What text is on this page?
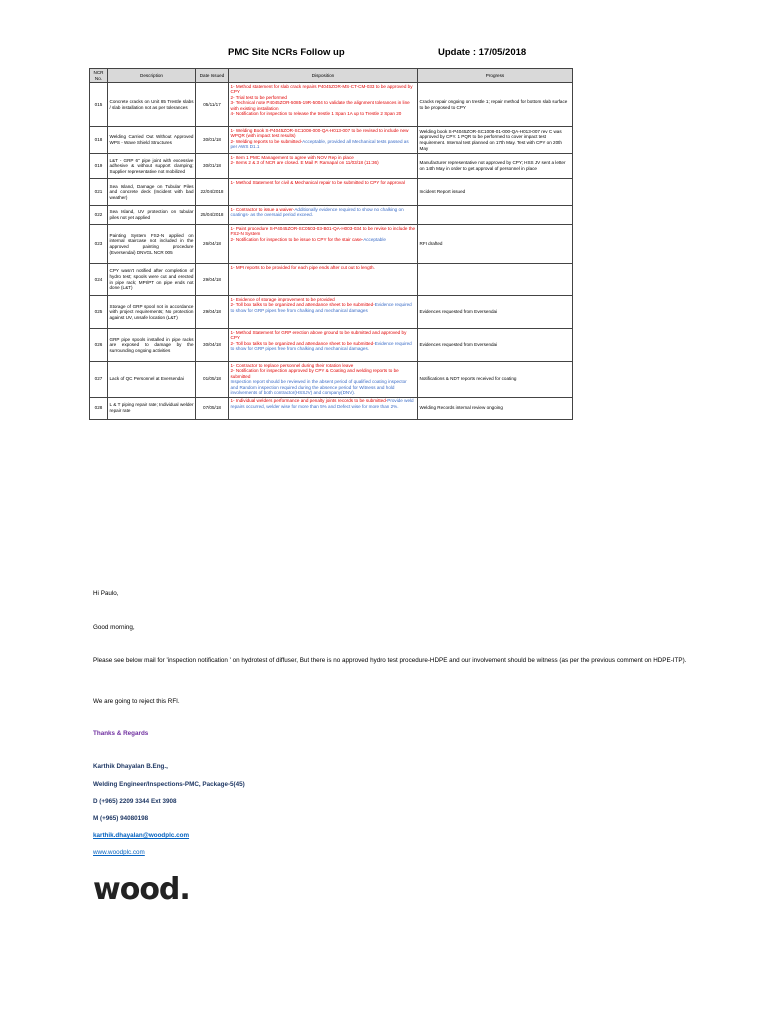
PMC Site NCRs Follow up	Update : 17/05/2018
NCR No.	Description	Date Issued	Disposition	Progress
015	Concrete cracks on Unit 85 Trestle slabs / slab installation not as per tolerances	05/11/17	1- Method statement for slab crack repairs P4045ZOR-MS-CT-CM-033 to be approved by CPY
2- Trial test to be performed
3- Technical note P4045ZOR-5085-19R-5004 to validate the alignment tolerances in line with existing installation
4- Notification for inspection to release the trestle 1 Span 1A up to Trestle 2 Span 20	Cracks repair ongoing on trestle 1; repair method for bottom slab surface to be proposed to CPY
018	Welding Carried Out Without Approved WPS - Wave Shield Structures	30/01/18	1- Welding Book S-P4045ZOR-SC1008-000-QA-H013-007 to be revised to include new WPQR (with impact test results)
2- Welding reports to be submitted-Acceptable, provided all Mechanical tests passed as per AWS D1.1	Welding book S-P4045ZOR-SC1008-01-000-QA-H013-007 rev C was approved by CPY. 1 PQR to be performed to cover impact test requirement. Internal test planned on 17th May. Test with CPY on 20th May
019	L&T - GRP 6" pipe joint with excessive adhesive & without support clamping; Supplier representative not mobilized	30/01/18	1- Item 1 PMC Management to agree with NOV Rep in place
2- Items 2 & 3 of NCR are closed. E Mail P. Ramapal on 11/03/18 (11:36)	Manufacturer representative not approved by CPY; HSS JV sent a letter on 14th May in order to get approval of personnel in place
021	Sea Island, Damage on Tubular Piles and concrete deck (Incident with bad weather)	22/04/2018	1- Method Statement for civil & Mechanical repair to be submitted to CPY for approval	Incident Report issued
022	Sea Island, UV protection on tubular piles not yet applied	25/04/2018	1- Contractor to issue a waiver-Additionally evidence required to show no chalking on coatings- as the oversaid period exceed.	
023	Painting System FS2-N applied on internal staircase not included in the approved painting procedure (Eversendai) DNVGL NCR 005	26/04/18	1- Paint procedure S-P4045ZOR-SC0503-03-B01-QA-H003-034 to be revise to include the FS2-N System
2- Notification for inspection to be issue to CPY for the stair case-Acceptable	RFI drafted
024	CPY wasn't notified after completion of hydro test; spools were cut and erected in pipe rack; MPI/PT on pipe ends not done (L&T)	29/04/18	1- MPI reports to be provided for each pipe ends after cut out to length.	
025	Storage of GRP spool not in accordance with project requirements; No protection against UV, unsafe location (L&T)	29/04/18	1- Evidence of storage improvement to be provided
2- Toll box talks to be organized and attendance sheet to be submitted-Evidence required to show for GRP pipes free from chalking and mechanical damages	Evidences requested from Eversendai
026	GRP pipe spools installed in pipe racks are exposed to damage by the surrounding ongoing activities	30/04/18	1- Method Statement for GRP erection above ground to be submitted and approved by CPY
2- Toll box talks to be organized and attendance sheet to be submitted-Evidence required to show for GRP pipes free from chalking and mechanical damages.	Evidences requested from Eversendai
027	Lack of QC Personnel at Eversendai	01/05/18	1- Contractor to replace personnel during their rotation leave
2- Notification for inspection approved by CPY & Coating and welding reports to be submitted
Inspection report should be reviewed in the absent period of qualified coating inspector and Random inspection required during the absence period for Witness and hold involvements of both contractor(HSSJV) and company(DNV).	Notifications & NDT reports received for coating
028	L & T piping repair rate; Individual welder repair rate	07/05/18	1- Individual welders performance and penalty joints records to be submitted-Provide weld repairs occurred, welder wise for more than 5% and Defect wise for more than 2%.	Welding Records internal review ongoing

Hi Paulo,

Good morning,

Please see below mail for 'inspection notification ' on hydrotest of diffuser, But there is no approved hydro test procedure-HDPE and our involvement should be witness (as per the previous comment on HDPE-ITP).

We are going to reject this RFI.

Thanks & Regards

Karthik Dhayalan B.Eng.,

Welding Engineer/Inspections-PMC, Package-5(45)

D (+965) 2209 3344 Ext 3908

M (+965) 94080198

karthik.dhayalan@woodplc.com

www.woodplc.com

wood.
